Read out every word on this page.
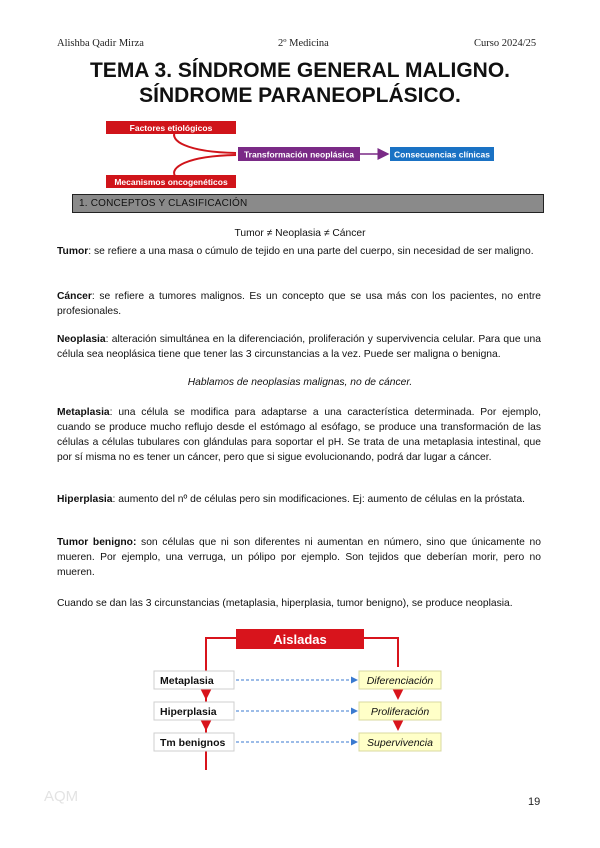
Alishba Qadir Mirza	2º Medicina	Curso 2024/25
TEMA 3. SÍNDROME GENERAL MALIGNO.
SÍNDROME PARANEOPLÁSICO.
Factores etiológicos
Mecanismos oncogenéticos
Transformación neoplásica	Consecuencias clínicas
1. CONCEPTOS Y CLASIFICACIÓN
Tumor ≠ Neoplasia ≠ Cáncer

Tumor: se refiere a una masa o cúmulo de tejido en una parte del cuerpo, sin necesidad de ser maligno.

Cáncer: se refiere a tumores malignos. Es un concepto que se usa más con los pacientes, no entre profesionales.

Neoplasia: alteración simultánea en la diferenciación, proliferación y supervivencia celular. Para que una célula sea neoplásica tiene que tener las 3 circunstancias a la vez. Puede ser maligna o benigna.

Hablamos de neoplasias malignas, no de cáncer.

Metaplasia: una célula se modifica para adaptarse a una característica determinada. Por ejemplo, cuando se produce mucho reflujo desde el estómago al esófago, se produce una transformación de las células a células tubulares con glándulas para soportar el pH. Se trata de una metaplasia intestinal, que por sí misma no es tener un cáncer, pero que si sigue evolucionando, podrá dar lugar a cáncer.

Hiperplasia: aumento del nº de células pero sin modificaciones. Ej: aumento de células en la próstata.

Tumor benigno: son células que ni son diferentes ni aumentan en número, sino que únicamente no mueren. Por ejemplo, una verruga, un pólipo por ejemplo. Son tejidos que deberían morir, pero no mueren.

Cuando se dan las 3 circunstancias (metaplasia, hiperplasia, tumor benigno), se produce neoplasia.

Aisladas
Metaplasia	Diferenciación
Hiperplasia	Proliferación
Tm benignos	Supervivencia
AQM	19
